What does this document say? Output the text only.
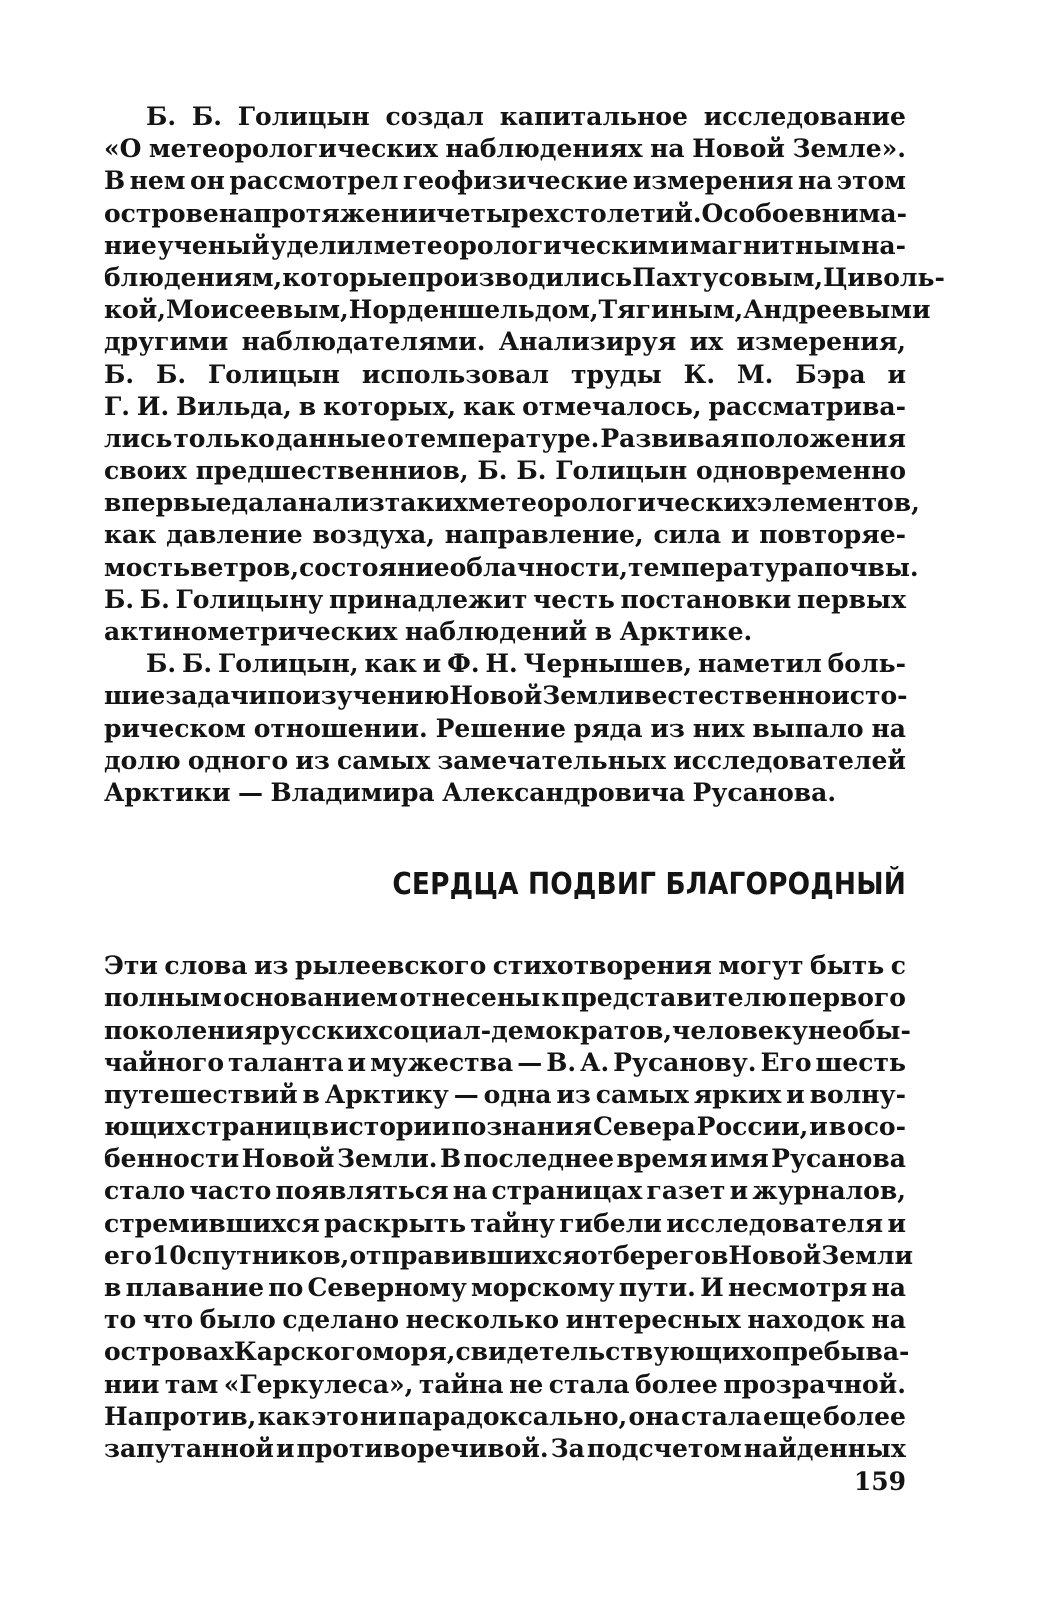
Б. Б. Голицын создал капитальное исследование
«О метеорологических наблюдениях на Новой Земле».
В нем он рассмотрел геофизические измерения на этом
острове на протяжении четырех столетий. Особое внима-
ние ученый уделил метеорологическим и магнитным на-
блюдениям, которые производились Пахтусовым, Циволь-
кой, Моисеевым, Норденшельдом, Тягиным, Андреевым и
другими наблюдателями. Анализируя их измерения,
Б. Б. Голицын использовал труды К. М. Бэра и
Г. И. Вильда, в которых, как отмечалось, рассматрива-
лись только данные о температуре. Развивая положения
своих предшественниов, Б. Б. Голицын одновременно
впервые дал анализ таких метеорологических элементов,
как давление воздуха, направление, сила и повторяе-
мость ветров, состояние облачности, температура почвы.
Б. Б. Голицыну принадлежит честь постановки первых
актинометрических наблюдений в Арктике.
Б. Б. Голицын, как и Ф. Н. Чернышев, наметил боль-
шие задачи по изучению Новой Земли в естественноисто-
рическом отношении. Решение ряда из них выпало на
долю одного из самых замечательных исследователей
Арктики — Владимира Александровича Русанова.
СЕРДЦА ПОДВИГ БЛАГОРОДНЫЙ
Эти слова из рылеевского стихотворения могут быть с
полным основанием отнесены к представителю первого
поколения русских социал-демократов, человеку необы-
чайного таланта и мужества — В. А. Русанову. Его шесть
путешествий в Арктику — одна из самых ярких и волну-
ющих страниц в истории познания Севера России, и в осо-
бенности Новой Земли. В последнее время имя Русанова
стало часто появляться на страницах газет и журналов,
стремившихся раскрыть тайну гибели исследователя и
его 10 спутников, отправившихся от берегов Новой Земли
в плавание по Северному морскому пути. И несмотря на
то что было сделано несколько интересных находок на
островах Карского моря, свидетельствующих о пребыва-
нии там «Геркулеса», тайна не стала более прозрачной.
Напротив, как это ни парадоксально, она стала еще более
запутанной и противоречивой. За подсчетом найденных
159
